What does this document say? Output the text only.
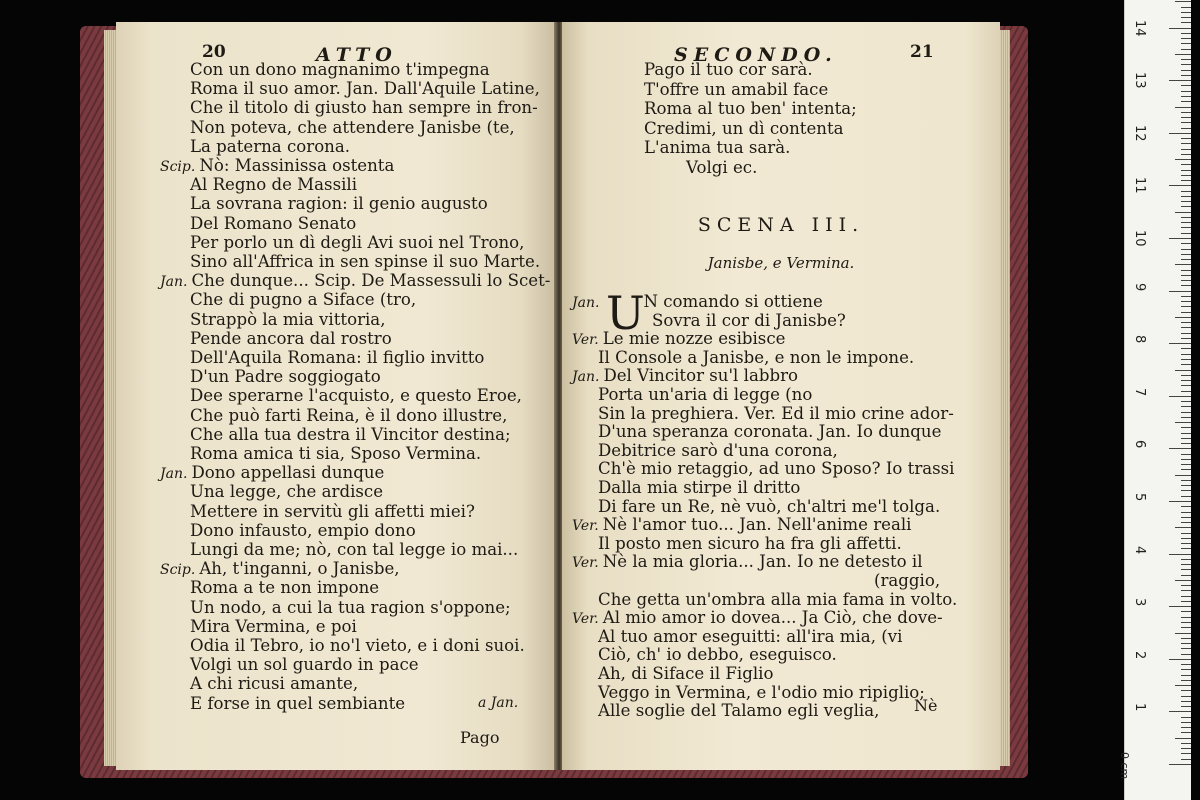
20	ATTO
Con un dono magnanimo t'impegna
Roma il suo amor. Jan. Dall'Aquile Latine,
Che il titolo di giusto han sempre in fron-
Non poteva, che attendere Janisbe (te,
La paterna corona.
Scip. Nò: Massinissa ostenta
Al Regno de Massili
La sovrana ragion: il genio augusto
Del Romano Senato
Per porlo un dì degli Avi suoi nel Trono,
Sino all'Affrica in sen spinse il suo Marte.
Jan. Che dunque... Scip. De Massessuli lo Scet-
Che di pugno a Siface (tro,
Strappò la mia vittoria,
Pende ancora dal rostro
Dell'Aquila Romana: il figlio invitto
D'un Padre soggiogato
Dee sperarne l'acquisto, e questo Eroe,
Che può farti Reina, è il dono illustre,
Che alla tua destra il Vincitor destina;
Roma amica ti sia, Sposo Vermina.
Jan. Dono appellasi dunque
Una legge, che ardisce
Mettere in servitù gli affetti miei?
Dono infausto, empio dono
Lungi da me; nò, con tal legge io mai...
Scip. Ah, t'inganni, o Janisbe,
Roma a te non impone
Un nodo, a cui la tua ragion s'oppone;
Mira Vermina, e poi
Odia il Tebro, io no'l vieto, e i doni suoi.
Volgi un sol guardo in pace
A chi ricusi amante,
E forse in quel sembiante	a Jan.
Pago
SECONDO.	21
Pago il tuo cor sarà.
T'offre un amabil face
Roma al tuo ben' intenta;
Credimi, un dì contenta
L'anima tua sarà.
Volgi ec.
SCENA III.
Janisbe, e Vermina.
U
Jan.	N comando si ottiene
Sovra il cor di Janisbe?
Ver. Le mie nozze esibisce
Il Console a Janisbe, e non le impone.
Jan. Del Vincitor su'l labbro
Porta un'aria di legge (no
Sin la preghiera. Ver. Ed il mio crine ador-
D'una speranza coronata. Jan. Io dunque
Debitrice sarò d'una corona,
Ch'è mio retaggio, ad uno Sposo? Io trassi
Dalla mia stirpe il dritto
Di fare un Re, nè vuò, ch'altri me'l tolga.
Ver. Nè l'amor tuo... Jan. Nell'anime reali
Il posto men sicuro ha fra gli affetti.
Ver. Nè la mia gloria... Jan. Io ne detesto il
(raggio,
Che getta un'ombra alla mia fama in volto.
Ver. Al mio amor io dovea... Ja Ciò, che dove-
Al tuo amor eseguitti: all'ira mia, (vi
Ciò, ch' io debbo, eseguisco.
Ah, di Siface il Figlio
Veggo in Vermina, e l'odio mio ripiglio;
Alle soglie del Talamo egli veglia, Nè
0 cm
14
13
12
11
10
9
8
7
6
5
4
3
2
1
